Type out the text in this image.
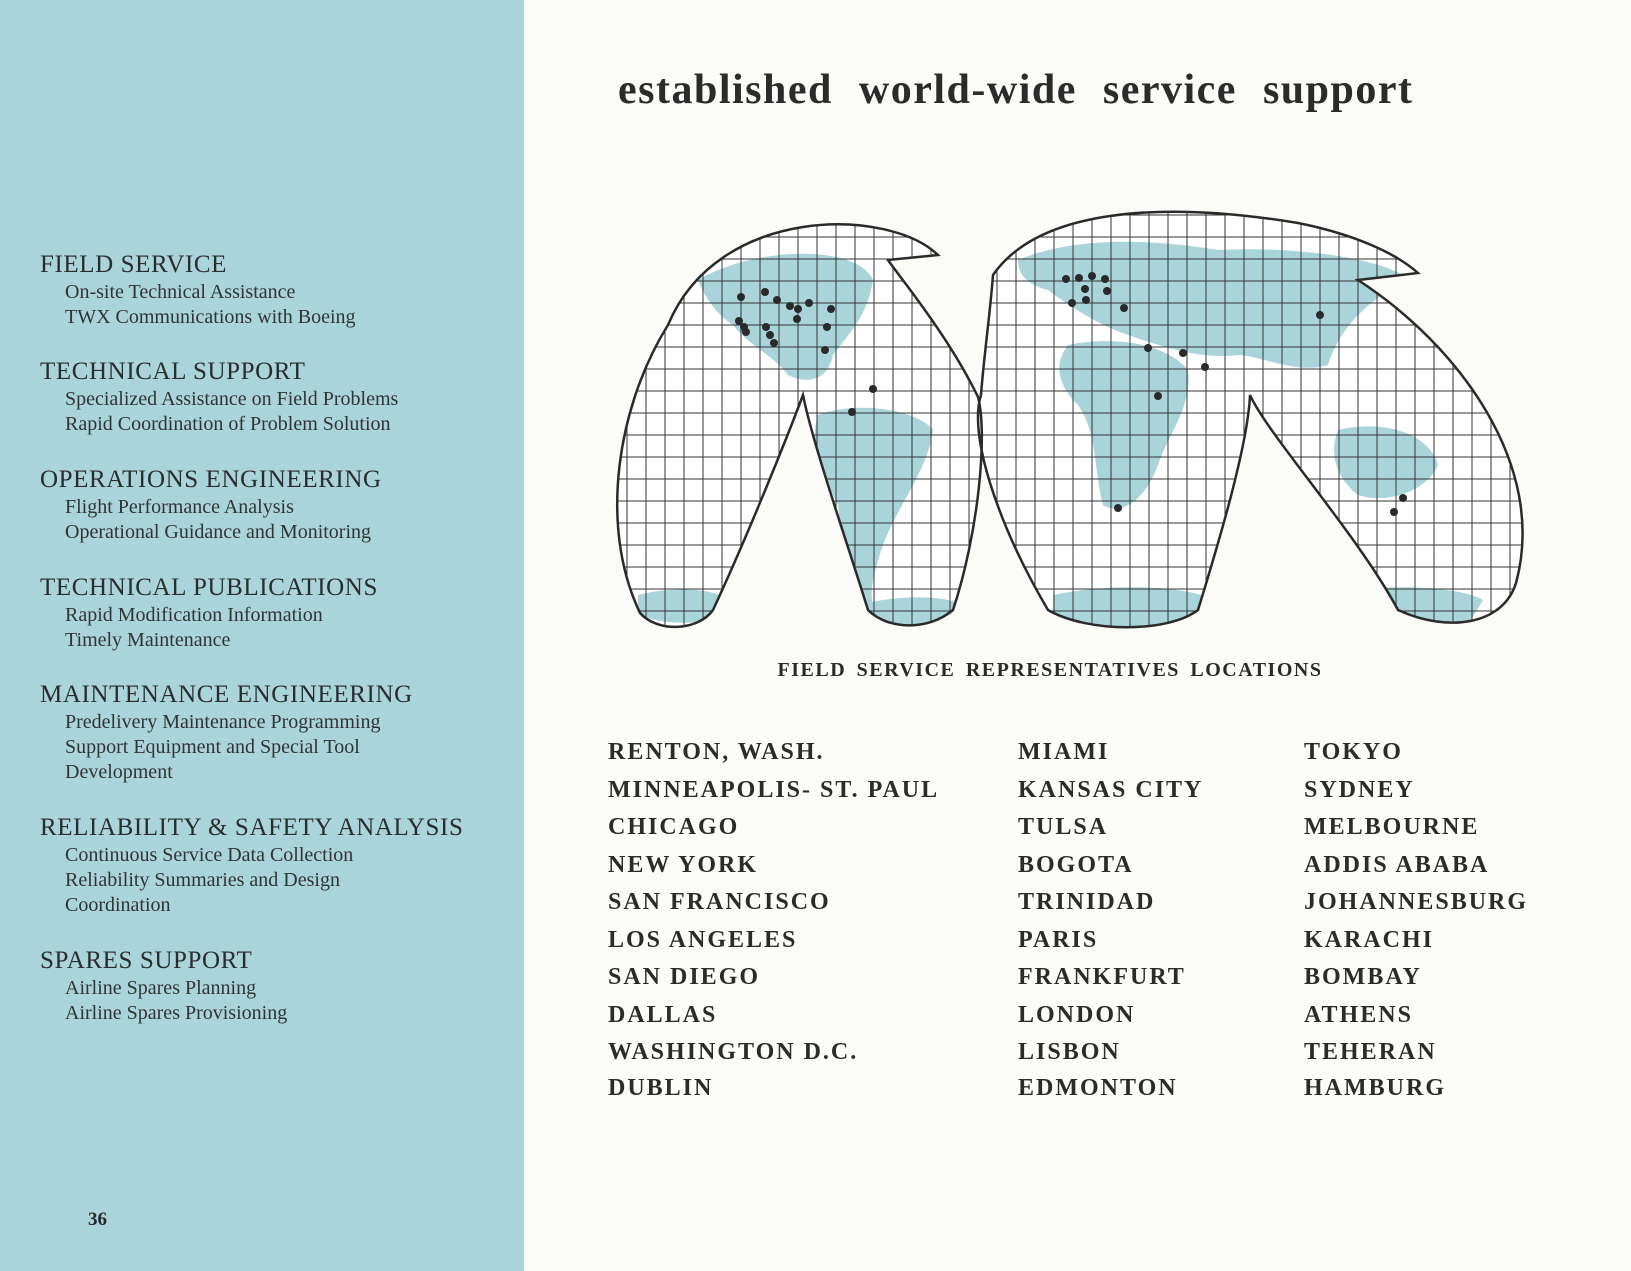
FIELD SERVICE
On-site Technical Assistance
TWX Communications with Boeing
TECHNICAL SUPPORT
Specialized Assistance on Field Problems
Rapid Coordination of Problem Solution
OPERATIONS ENGINEERING
Flight Performance Analysis
Operational Guidance and Monitoring
TECHNICAL PUBLICATIONS
Rapid Modification Information
Timely Maintenance
MAINTENANCE ENGINEERING
Predelivery Maintenance Programming
Support Equipment and Special Tool
Development
RELIABILITY & SAFETY ANALYSIS
Continuous Service Data Collection
Reliability Summaries and Design
Coordination
SPARES SUPPORT
Airline Spares Planning
Airline Spares Provisioning
36
established world-wide service support
FIELD SERVICE REPRESENTATIVES LOCATIONS
RENTON, WASH.
MINNEAPOLIS- ST. PAUL
CHICAGO
NEW YORK
SAN FRANCISCO
LOS ANGELES
SAN DIEGO
DALLAS
WASHINGTON D.C.
DUBLIN
MIAMI
KANSAS CITY
TULSA
BOGOTA
TRINIDAD
PARIS
FRANKFURT
LONDON
LISBON
EDMONTON
TOKYO
SYDNEY
MELBOURNE
ADDIS ABABA
JOHANNESBURG
KARACHI
BOMBAY
ATHENS
TEHERAN
HAMBURG
